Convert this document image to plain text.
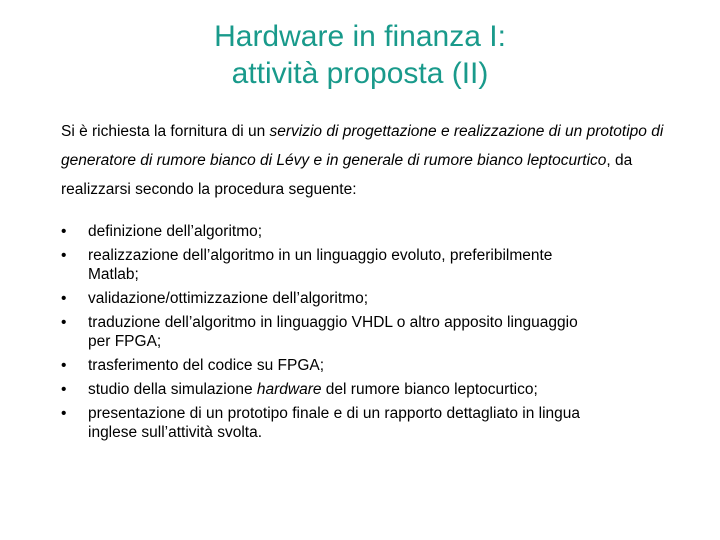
Hardware in finanza I:
attività proposta (II)

Si è richiesta la fornitura di un servizio di progettazione e realizzazione di un prototipo di generatore di rumore bianco di Lévy e in generale di rumore bianco leptocurtico, da realizzarsi secondo la procedura seguente:

•	definizione dell’algoritmo;
•	realizzazione dell’algoritmo in un linguaggio evoluto, preferibilmente
Matlab;
•	validazione/ottimizzazione dell’algoritmo;
•	traduzione dell’algoritmo in linguaggio VHDL o altro apposito linguaggio
per FPGA;
•	trasferimento del codice su FPGA;
•	studio della simulazione hardware del rumore bianco leptocurtico;
•	presentazione di un prototipo finale e di un rapporto dettagliato in lingua
inglese sull’attività svolta.
